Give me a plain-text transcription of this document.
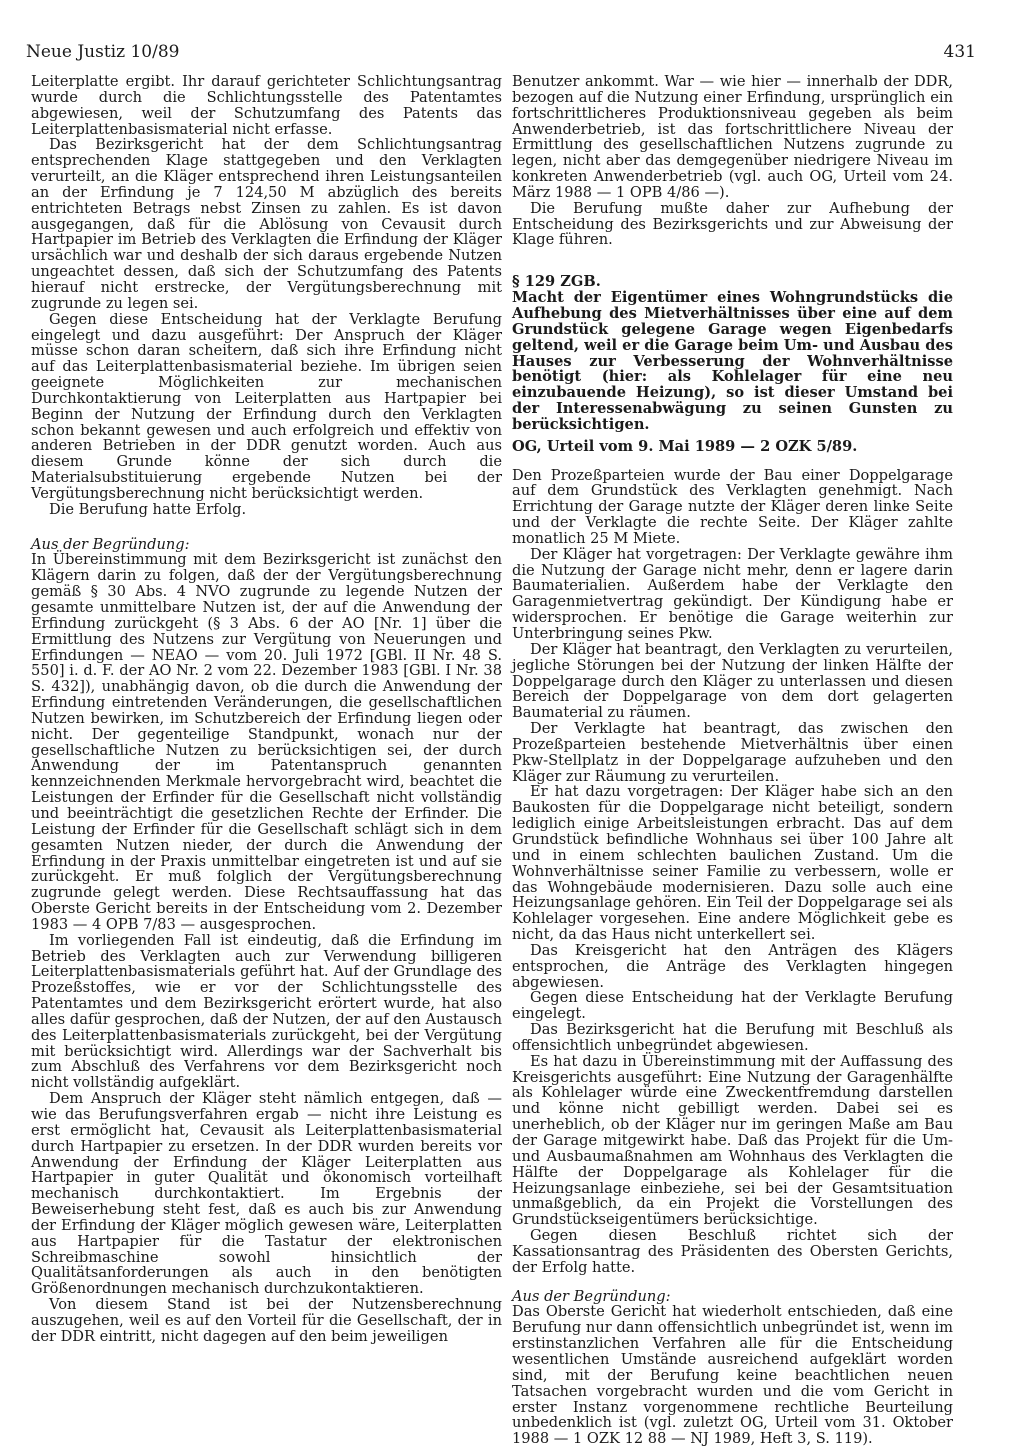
Neue Justiz 10/89	431

Leiterplatte ergibt. Ihr darauf gerichteter Schlichtungsantrag wurde durch die Schlichtungsstelle des Patentamtes abgewiesen, weil der Schutzumfang des Patents das Leiterplattenbasismaterial nicht erfasse.

Das Bezirksgericht hat der dem Schlichtungsantrag entsprechenden Klage stattgegeben und den Verklagten verurteilt, an die Kläger entsprechend ihren Leistungsanteilen an der Erfindung je 7 124,50 M abzüglich des bereits entrichteten Betrags nebst Zinsen zu zahlen. Es ist davon ausgegangen, daß für die Ablösung von Cevausit durch Hartpapier im Betrieb des Verklagten die Erfindung der Kläger ursächlich war und deshalb der sich daraus ergebende Nutzen ungeachtet dessen, daß sich der Schutzumfang des Patents hierauf nicht erstrecke, der Vergütungsberechnung mit zugrunde zu legen sei.

Gegen diese Entscheidung hat der Verklagte Berufung eingelegt und dazu ausgeführt: Der Anspruch der Kläger müsse schon daran scheitern, daß sich ihre Erfindung nicht auf das Leiterplattenbasismaterial beziehe. Im übrigen seien geeignete Möglichkeiten zur mechanischen Durchkontaktierung von Leiterplatten aus Hartpapier bei Beginn der Nutzung der Erfindung durch den Verklagten schon bekannt gewesen und auch erfolgreich und effektiv von anderen Betrieben in der DDR genutzt worden. Auch aus diesem Grunde könne der sich durch die Materialsubstituierung ergebende Nutzen bei der Vergütungsberechnung nicht berücksichtigt werden.

Die Berufung hatte Erfolg.

Aus der Begründung:

In Übereinstimmung mit dem Bezirksgericht ist zunächst den Klägern darin zu folgen, daß der der Vergütungsberechnung gemäß § 30 Abs. 4 NVO zugrunde zu legende Nutzen der gesamte unmittelbare Nutzen ist, der auf die Anwendung der Erfindung zurückgeht (§ 3 Abs. 6 der AO [Nr. 1] über die Ermittlung des Nutzens zur Vergütung von Neuerungen und Erfindungen — NEAO — vom 20. Juli 1972 [GBl. II Nr. 48 S. 550] i. d. F. der AO Nr. 2 vom 22. Dezember 1983 [GBl. I Nr. 38 S. 432]), unabhängig davon, ob die durch die Anwendung der Erfindung eintretenden Veränderungen, die gesellschaftlichen Nutzen bewirken, im Schutzbereich der Erfindung liegen oder nicht. Der gegenteilige Standpunkt, wonach nur der gesellschaftliche Nutzen zu berücksichtigen sei, der durch Anwendung der im Patentanspruch genannten kennzeichnenden Merkmale hervorgebracht wird, beachtet die Leistungen der Erfinder für die Gesellschaft nicht vollständig und beeinträchtigt die gesetzlichen Rechte der Erfinder. Die Leistung der Erfinder für die Gesellschaft schlägt sich in dem gesamten Nutzen nieder, der durch die Anwendung der Erfindung in der Praxis unmittelbar eingetreten ist und auf sie zurückgeht. Er muß folglich der Vergütungsberechnung zugrunde gelegt werden. Diese Rechtsauffassung hat das Oberste Gericht bereits in der Entscheidung vom 2. Dezember 1983 — 4 OPB 7/83 — ausgesprochen.

Im vorliegenden Fall ist eindeutig, daß die Erfindung im Betrieb des Verklagten auch zur Verwendung billigeren Leiterplattenbasismaterials geführt hat. Auf der Grundlage des Prozeßstoffes, wie er vor der Schlichtungsstelle des Patentamtes und dem Bezirksgericht erörtert wurde, hat also alles dafür gesprochen, daß der Nutzen, der auf den Austausch des Leiterplattenbasismaterials zurückgeht, bei der Vergütung mit berücksichtigt wird. Allerdings war der Sachverhalt bis zum Abschluß des Verfahrens vor dem Bezirksgericht noch nicht vollständig aufgeklärt.

Dem Anspruch der Kläger steht nämlich entgegen, daß — wie das Berufungsverfahren ergab — nicht ihre Leistung es erst ermöglicht hat, Cevausit als Leiterplattenbasismaterial durch Hartpapier zu ersetzen. In der DDR wurden bereits vor Anwendung der Erfindung der Kläger Leiterplatten aus Hartpapier in guter Qualität und ökonomisch vorteilhaft mechanisch durchkontaktiert. Im Ergebnis der Beweiserhebung steht fest, daß es auch bis zur Anwendung der Erfindung der Kläger möglich gewesen wäre, Leiterplatten aus Hartpapier für die Tastatur der elektronischen Schreibmaschine sowohl hinsichtlich der Qualitätsanforderungen als auch in den benötigten Größenordnungen mechanisch durchzukontaktieren.

Von diesem Stand ist bei der Nutzensberechnung auszugehen, weil es auf den Vorteil für die Gesellschaft, der in der DDR eintritt, nicht dagegen auf den beim jeweiligen

Benutzer ankommt. War — wie hier — innerhalb der DDR, bezogen auf die Nutzung einer Erfindung, ursprünglich ein fortschrittlicheres Produktionsniveau gegeben als beim Anwenderbetrieb, ist das fortschrittlichere Niveau der Ermittlung des gesellschaftlichen Nutzens zugrunde zu legen, nicht aber das demgegenüber niedrigere Niveau im konkreten Anwenderbetrieb (vgl. auch OG, Urteil vom 24. März 1988 — 1 OPB 4/86 —).

Die Berufung mußte daher zur Aufhebung der Entscheidung des Bezirksgerichts und zur Abweisung der Klage führen.

§ 129 ZGB.

Macht der Eigentümer eines Wohngrundstücks die Aufhebung des Mietverhältnisses über eine auf dem Grundstück gelegene Garage wegen Eigenbedarfs geltend, weil er die Garage beim Um- und Ausbau des Hauses zur Verbesserung der Wohnverhältnisse benötigt (hier: als Kohlelager für eine neu einzubauende Heizung), so ist dieser Umstand bei der Interessenabwägung zu seinen Gunsten zu berücksichtigen.

OG, Urteil vom 9. Mai 1989 — 2 OZK 5/89.

Den Prozeßparteien wurde der Bau einer Doppelgarage auf dem Grundstück des Verklagten genehmigt. Nach Errichtung der Garage nutzte der Kläger deren linke Seite und der Verklagte die rechte Seite. Der Kläger zahlte monatlich 25 M Miete.

Der Kläger hat vorgetragen: Der Verklagte gewähre ihm die Nutzung der Garage nicht mehr, denn er lagere darin Baumaterialien. Außerdem habe der Verklagte den Garagenmietvertrag gekündigt. Der Kündigung habe er widersprochen. Er benötige die Garage weiterhin zur Unterbringung seines Pkw.

Der Kläger hat beantragt, den Verklagten zu verurteilen, jegliche Störungen bei der Nutzung der linken Hälfte der Doppelgarage durch den Kläger zu unterlassen und diesen Bereich der Doppelgarage von dem dort gelagerten Baumaterial zu räumen.

Der Verklagte hat beantragt, das zwischen den Prozeßparteien bestehende Mietverhältnis über einen Pkw-Stellplatz in der Doppelgarage aufzuheben und den Kläger zur Räumung zu verurteilen.

Er hat dazu vorgetragen: Der Kläger habe sich an den Baukosten für die Doppelgarage nicht beteiligt, sondern lediglich einige Arbeitsleistungen erbracht. Das auf dem Grundstück befindliche Wohnhaus sei über 100 Jahre alt und in einem schlechten baulichen Zustand. Um die Wohnverhältnisse seiner Familie zu verbessern, wolle er das Wohngebäude modernisieren. Dazu solle auch eine Heizungsanlage gehören. Ein Teil der Doppelgarage sei als Kohlelager vorgesehen. Eine andere Möglichkeit gebe es nicht, da das Haus nicht unterkellert sei.

Das Kreisgericht hat den Anträgen des Klägers entsprochen, die Anträge des Verklagten hingegen abgewiesen.

Gegen diese Entscheidung hat der Verklagte Berufung eingelegt.

Das Bezirksgericht hat die Berufung mit Beschluß als offensichtlich unbegründet abgewiesen.

Es hat dazu in Übereinstimmung mit der Auffassung des Kreisgerichts ausgeführt: Eine Nutzung der Garagenhälfte als Kohlelager würde eine Zweckentfremdung darstellen und könne nicht gebilligt werden. Dabei sei es unerheblich, ob der Kläger nur im geringen Maße am Bau der Garage mitgewirkt habe. Daß das Projekt für die Um- und Ausbaumaßnahmen am Wohnhaus des Verklagten die Hälfte der Doppelgarage als Kohlelager für die Heizungsanlage einbeziehe, sei bei der Gesamtsituation unmaßgeblich, da ein Projekt die Vorstellungen des Grundstückseigentümers berücksichtige.

Gegen diesen Beschluß richtet sich der Kassationsantrag des Präsidenten des Obersten Gerichts, der Erfolg hatte.

Aus der Begründung:

Das Oberste Gericht hat wiederholt entschieden, daß eine Berufung nur dann offensichtlich unbegründet ist, wenn im erstinstanzlichen Verfahren alle für die Entscheidung wesentlichen Umstände ausreichend aufgeklärt worden sind, mit der Berufung keine beachtlichen neuen Tatsachen vorgebracht wurden und die vom Gericht in erster Instanz vorgenommene rechtliche Beurteilung unbedenklich ist (vgl. zuletzt OG, Urteil vom 31. Oktober 1988 — 1 OZK 12 88 — NJ 1989, Heft 3, S. 119).
